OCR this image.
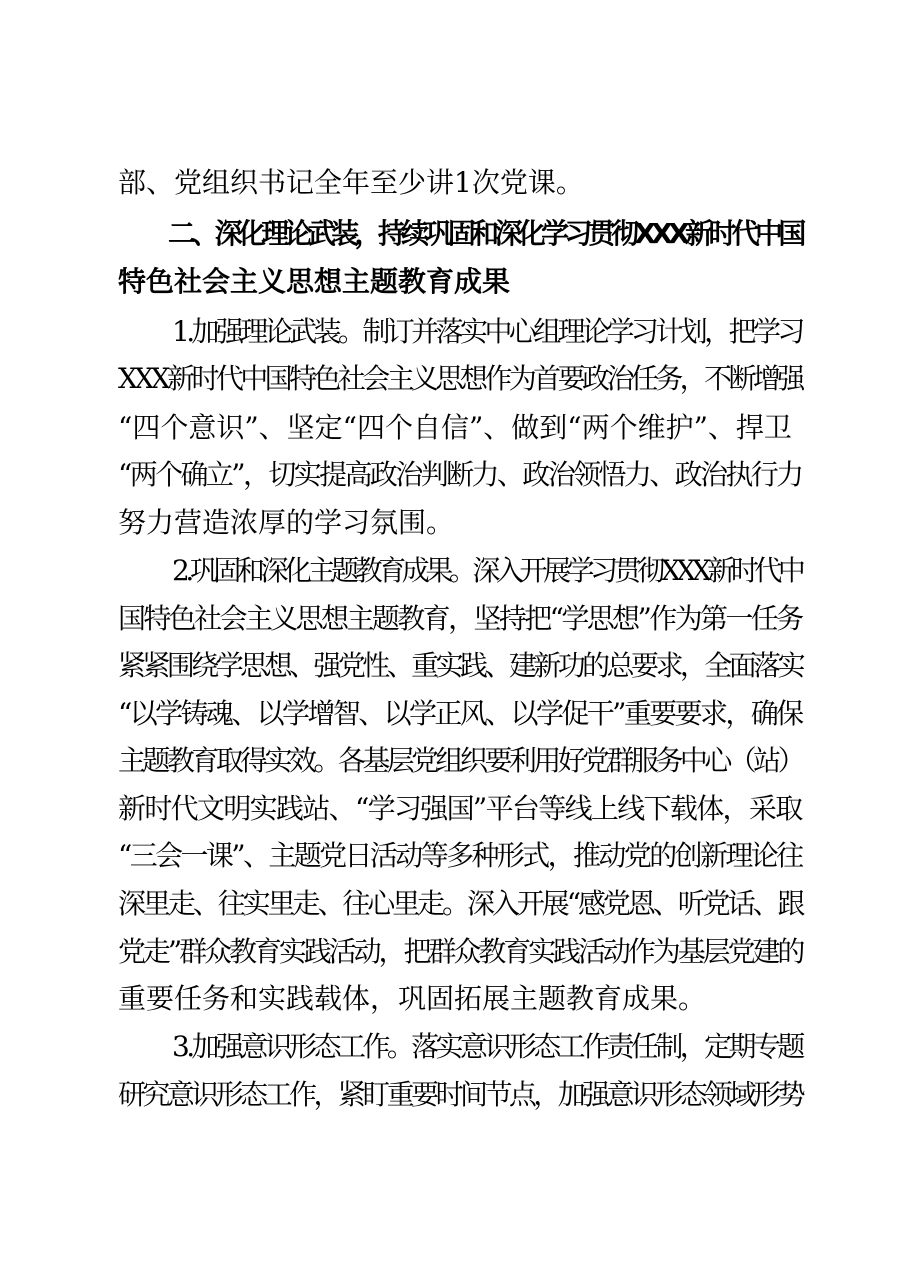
部、党组织书记全年至少讲1次党课。
二、深化理论武装，持续巩固和深化学习贯彻XXX新时代中国
特色社会主义思想主题教育成果
1.加强理论武装。制订并落实中心组理论学习计划，把学习
XXX新时代中国特色社会主义思想作为首要政治任务，不断增强
“四个意识”、坚定“四个自信”、做到“两个维护”、捍卫
“两个确立”，切实提高政治判断力、政治领悟力、政治执行力
努力营造浓厚的学习氛围。
2.巩固和深化主题教育成果。深入开展学习贯彻XXX新时代中
国特色社会主义思想主题教育，坚持把“学思想”作为第一任务
紧紧围绕学思想、强党性、重实践、建新功的总要求，全面落实
“以学铸魂、以学增智、以学正风、以学促干”重要要求，确保
主题教育取得实效。各基层党组织要利用好党群服务中心（站）
新时代文明实践站、“学习强国”平台等线上线下载体，采取
“三会一课”、主题党日活动等多种形式，推动党的创新理论往
深里走、往实里走、往心里走。深入开展“感党恩、听党话、跟
党走”群众教育实践活动，把群众教育实践活动作为基层党建的
重要任务和实践载体，巩固拓展主题教育成果。
3.加强意识形态工作。落实意识形态工作责任制，定期专题
研究意识形态工作，紧盯重要时间节点，加强意识形态领域形势
